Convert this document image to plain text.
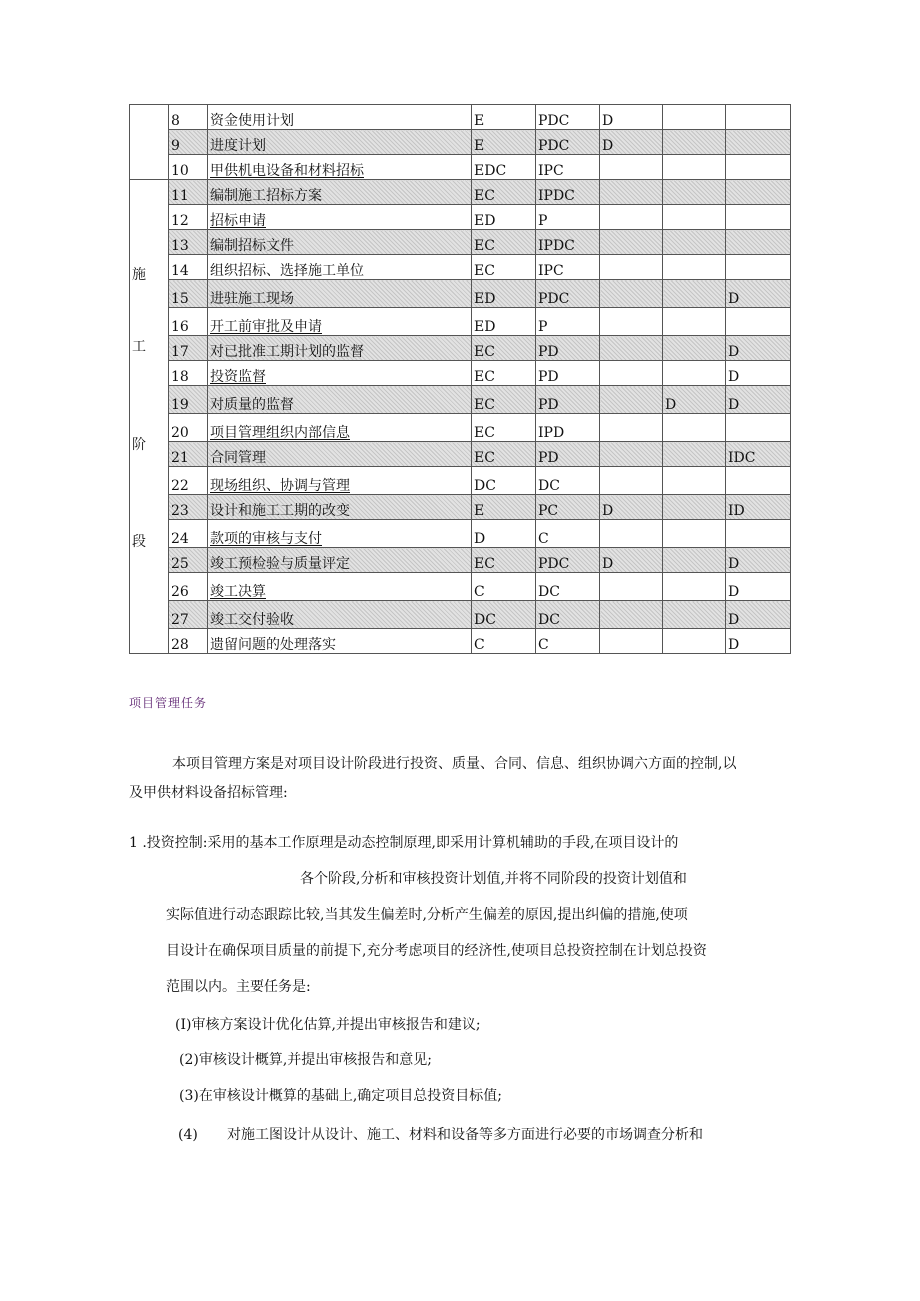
	8	资金使用计划	E	PDC	D		
	9	进度计划	E	PDC	D		
	10	甲供机电设备和材料招标	EDC	IPC			

施
工
阶
段	11	编制施工招标方案	EC	IPDC			
	12	招标申请	ED	P			
	13	编制招标文件	EC	IPDC			
	14	组织招标、选择施工单位	EC	IPC			
	15	进驻施工现场	ED	PDC			D
	16	开工前审批及申请	ED	P			
	17	对已批准工期计划的监督	EC	PD			D
	18	投资监督	EC	PD			D
	19	对质量的监督	EC	PD		D	D
	20	项目管理组织内部信息	EC	IPD			
	21	合同管理	EC	PD			IDC
	22	现场组织、协调与管理	DC	DC			
	23	设计和施工工期的改变	E	PC	D		ID
	24	款项的审核与支付	D	C			
	25	竣工预检验与质量评定	EC	PDC	D		D
	26	竣工决算	C	DC			D
	27	竣工交付验收	DC	DC			D
	28	遗留问题的处理落实	C	C			D
项目管理任务
本项目管理方案是对项目设计阶段进行投资、质量、合同、信息、组织协调六方面的控制,以
及甲供材料设备招标管理:
1 .投资控制:采用的基本工作原理是动态控制原理,即采用计算机辅助的手段,在项目设计的
各个阶段,分析和审核投资计划值,并将不同阶段的投资计划值和
实际值进行动态跟踪比较,当其发生偏差时,分析产生偏差的原因,提出纠偏的措施,使项
目设计在确保项目质量的前提下,充分考虑项目的经济性,使项目总投资控制在计划总投资
范围以内。主要任务是:
(I)审核方案设计优化估算,并提出审核报告和建议;
(2)审核设计概算,并提出审核报告和意见;
(3)在审核设计概算的基础上,确定项目总投资目标值;
(4) 对施工图设计从设计、施工、材料和设备等多方面进行必要的市场调查分析和
